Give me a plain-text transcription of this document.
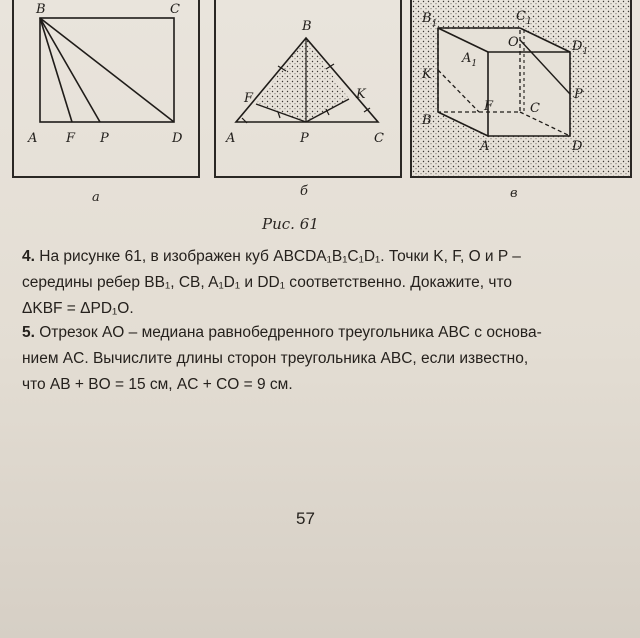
B	C
A F P	D
а
B
F	K
A	P	C
б
$B_1$	$C_1$
O	$D_1$
$A_1$
K
P
F	C
B
A	D
в

Рис. 61
4. На рисунке 61, в изображен куб ABCDA₁B₁C₁D₁. Точки K, F, O и P –
середины ребер BB₁, CB, A₁D₁ и DD₁ соответственно. Докажите, что
ΔKBF = ΔPD₁O.
5. Отрезок AO – медиана равнобедренного треугольника ABC с основа-
нием AC. Вычислите длины сторон треугольника ABC, если известно,
что AB + BO = 15 см, AC + CO = 9 см.
57
